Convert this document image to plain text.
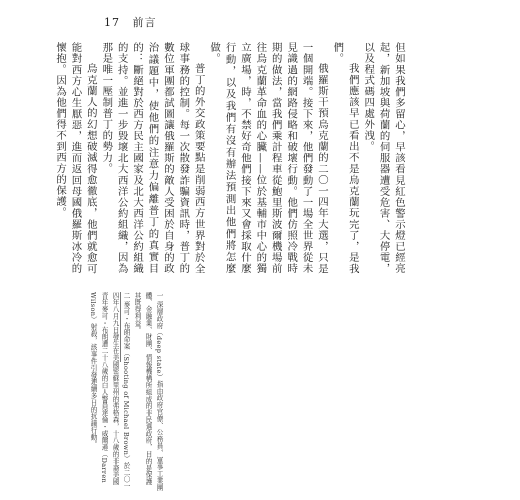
17 前言

但如果我們多留心，早該看見紅色警示燈已經亮起，新加坡與荷蘭的伺服器遭受危害、大停電，以及程式碼四處外洩。

我們應該早已看出不是烏克蘭玩完了，是我們。

俄羅斯干預烏克蘭的二〇一四年大選，只是一個開端。接下來，他們發動了一場全世界從未見識過的網路侵略和破壞行動。他們仿照冷戰時期的做法，當我們乘計程車從鮑里斯波爾機場前往烏克蘭革命血的心臟——位於基輔市中心的獨立廣場，時，不禁好奇他們接下來又會採取什麼行動，以及我們有沒有辦法預測出他們將怎麼做。

普丁的外交政策要點是削弱西方世界對於全球事務的控制。每一次散發詐騙資訊時，普丁的數位軍團都試圖讓俄羅斯的敵人受困於自身的政治議題中，使他們的注意力偏離普丁的真實目的：斷絕對於西方民主國家及北大西洋公約組織的支持。並進一步毀壞北大西洋公約組織，因為那是唯一壓制普丁的勢力。

烏克蘭人的幻想破滅得愈徹底，他們就愈可能對西方心生厭惡，進而返回母國俄羅斯冰冷的懷抱。因為他們得不到西方的保護。

一 深層政府（deep state）指由政府官僚、公務員、軍事工業團體、金融業、財團、情報機構所組成的非民選政府，目的是保護其既得利益。

二 麥可・布朗命案（Shooting of Michael Brown）於二〇一四年八月九日發生在美國密蘇里州的弗格森，十八歲的非裔美國青年麥可・布朗遭二十八歲的白人警員達倫・威爾遜（Darren Wilson）射殺，該事件引發連續多日的抗議行動。
